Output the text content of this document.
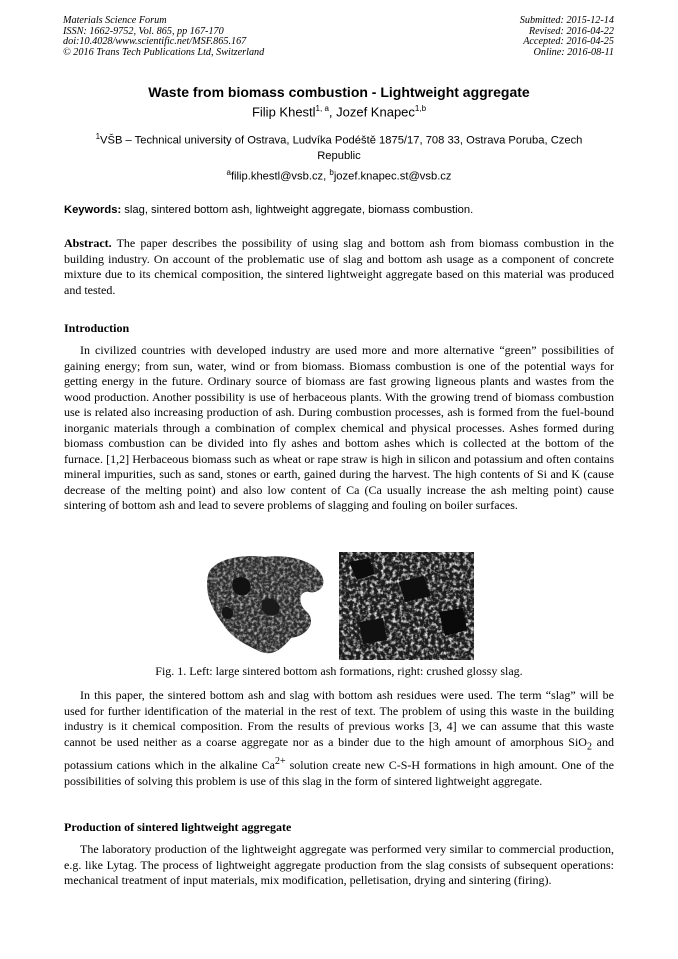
Materials Science Forum
ISSN: 1662-9752, Vol. 865, pp 167-170
doi:10.4028/www.scientific.net/MSF.865.167
© 2016 Trans Tech Publications Ltd, Switzerland
Submitted: 2015-12-14
Revised: 2016-04-22
Accepted: 2016-04-25
Online: 2016-08-11
Waste from biomass combustion - Lightweight aggregate
Filip Khestl$^{1, a}$, Jozef Knapec$^{1,b}$
$^1$VŠB – Technical university of Ostrava, Ludvíka Podéště 1875/17, 708 33, Ostrava Poruba, Czech Republic
$^a$filip.khestl@vsb.cz, $^b$jozef.knapec.st@vsb.cz
Keywords: slag, sintered bottom ash, lightweight aggregate, biomass combustion.
Abstract. The paper describes the possibility of using slag and bottom ash from biomass combustion in the building industry. On account of the problematic use of slag and bottom ash usage as a component of concrete mixture due to its chemical composition, the sintered lightweight aggregate based on this material was produced and tested.
Introduction
In civilized countries with developed industry are used more and more alternative “green” possibilities of gaining energy; from sun, water, wind or from biomass. Biomass combustion is one of the potential ways for getting energy in the future. Ordinary source of biomass are fast growing ligneous plants and wastes from the wood production. Another possibility is use of herbaceous plants. With the growing trend of biomass combustion use is related also increasing production of ash. During combustion processes, ash is formed from the fuel-bound inorganic materials through a combination of complex chemical and physical processes. Ashes formed during biomass combustion can be divided into fly ashes and bottom ashes which is collected at the bottom of the furnace. [1,2] Herbaceous biomass such as wheat or rape straw is high in silicon and potassium and often contains mineral impurities, such as sand, stones or earth, gained during the harvest. The high contents of Si and K (cause decrease of the melting point) and also low content of Ca (Ca usually increase the ash melting point) cause sintering of bottom ash and lead to severe problems of slagging and fouling on boiler surfaces.
Fig. 1. Left: large sintered bottom ash formations, right: crushed glossy slag.
In this paper, the sintered bottom ash and slag with bottom ash residues were used. The term “slag” will be used for further identification of the material in the rest of text. The problem of using this waste in the building industry is it chemical composition. From the results of previous works [3, 4] we can assume that this waste cannot be used neither as a coarse aggregate nor as a binder due to the high amount of amorphous SiO$_2$ and potassium cations which in the alkaline $Ca^{2+}$ solution create new C-S-H formations in high amount. One of the possibilities of solving this problem is use of this slag in the form of sintered lightweight aggregate.
Production of sintered lightweight aggregate
The laboratory production of the lightweight aggregate was performed very similar to commercial production, e.g. like Lytag. The process of lightweight aggregate production from the slag consists of subsequent operations: mechanical treatment of input materials, mix modification, pelletisation, drying and sintering (firing).
